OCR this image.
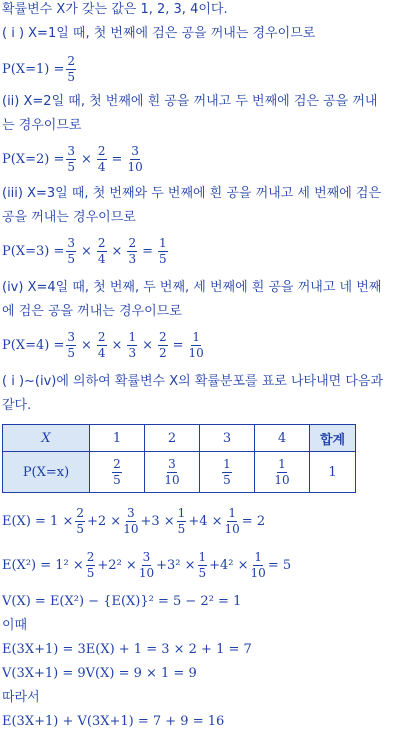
확률변수 X가 갖는 값은 1, 2, 3, 4이다.
( i ) X=1일 때, 첫 번째에 검은 공을 꺼내는 경우이므로
$P(X=1) = \frac{2}{5}$
(ii) X=2일 때, 첫 번째에 흰 공을 꺼내고 두 번째에 검은 공을 꺼내
는 경우이므로
$P(X=2) = \frac{3}{5} \times \frac{2}{4} = \frac{3}{10}$
(iii) X=3일 때, 첫 번째와 두 번째에 흰 공을 꺼내고 세 번째에 검은
공을 꺼내는 경우이므로
$P(X=3) = \frac{3}{5} \times \frac{2}{4} \times \frac{2}{3} = \frac{1}{5}$
(iv) X=4일 때, 첫 번째, 두 번째, 세 번째에 흰 공을 꺼내고 네 번째
에 검은 공을 꺼내는 경우이므로
$P(X=4) = \frac{3}{5} \times \frac{2}{4} \times \frac{1}{3} \times \frac{2}{2} = \frac{1}{10}$
( i )~(iv)에 의하여 확률변수 X의 확률분포를 표로 나타내면 다음과
같다.
X	1	2	3	4	합계
P(X=x)	$\frac{2}{5}$	$\frac{3}{10}$	$\frac{1}{5}$	$\frac{1}{10}$	1
$E(X) = 1 \times \frac{2}{5} +2 \times \frac{3}{10} +3 \times \frac{1}{5} +4 \times \frac{1}{10} = 2$
$E(X^2) = 1^2 \times \frac{2}{5} +2^2 \times \frac{3}{10} +3^2 \times \frac{1}{5} +4^2 \times \frac{1}{10} = 5$
V(X) = E(X²) − {E(X)}² = 5 − 2² = 1
이때
E(3X+1) = 3E(X) + 1 = 3 × 2 + 1 = 7
V(3X+1) = 9V(X) = 9 × 1 = 9
따라서
E(3X+1) + V(3X+1) = 7 + 9 = 16
